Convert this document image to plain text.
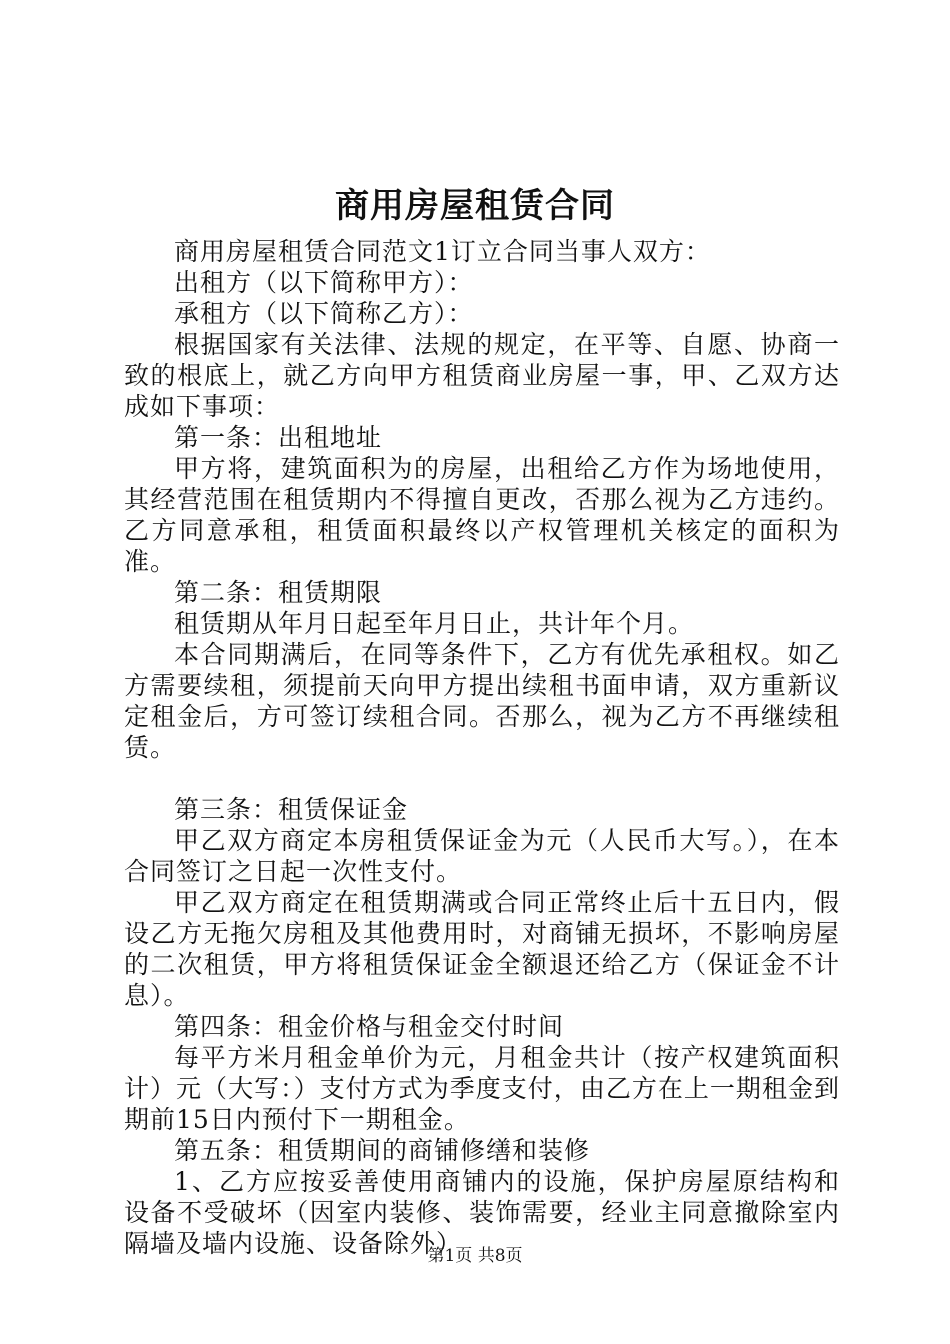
商用房屋租赁合同

商用房屋租赁合同范文1订立合同当事人双方：

出租方（以下简称甲方）：

承租方（以下简称乙方）：

根据国家有关法律、法规的规定，在平等、自愿、协商一致的根底上，就乙方向甲方租赁商业房屋一事，甲、乙双方达成如下事项：

第一条：出租地址

甲方将，建筑面积为的房屋，出租给乙方作为场地使用，其经营范围在租赁期内不得擅自更改，否那么视为乙方违约。乙方同意承租，租赁面积最终以产权管理机关核定的面积为准。

第二条：租赁期限

租赁期从年月日起至年月日止，共计年个月。

本合同期满后，在同等条件下，乙方有优先承租权。如乙方需要续租，须提前天向甲方提出续租书面申请，双方重新议定租金后，方可签订续租合同。否那么，视为乙方不再继续租赁。

第三条：租赁保证金

甲乙双方商定本房租赁保证金为元（人民币大写。），在本合同签订之日起一次性支付。

甲乙双方商定在租赁期满或合同正常终止后十五日内，假设乙方无拖欠房租及其他费用时，对商铺无损坏，不影响房屋的二次租赁，甲方将租赁保证金全额退还给乙方（保证金不计息）。

第四条：租金价格与租金交付时间

每平方米月租金单价为元，月租金共计（按产权建筑面积计）元（大写：）支付方式为季度支付，由乙方在上一期租金到期前15日内预付下一期租金。

第五条：租赁期间的商铺修缮和装修

1、乙方应按妥善使用商铺内的设施，保护房屋原结构和设备不受破坏（因室内装修、装饰需要，经业主同意撤除室内隔墙及墙内设施、设备除外）

第1页 共8页
